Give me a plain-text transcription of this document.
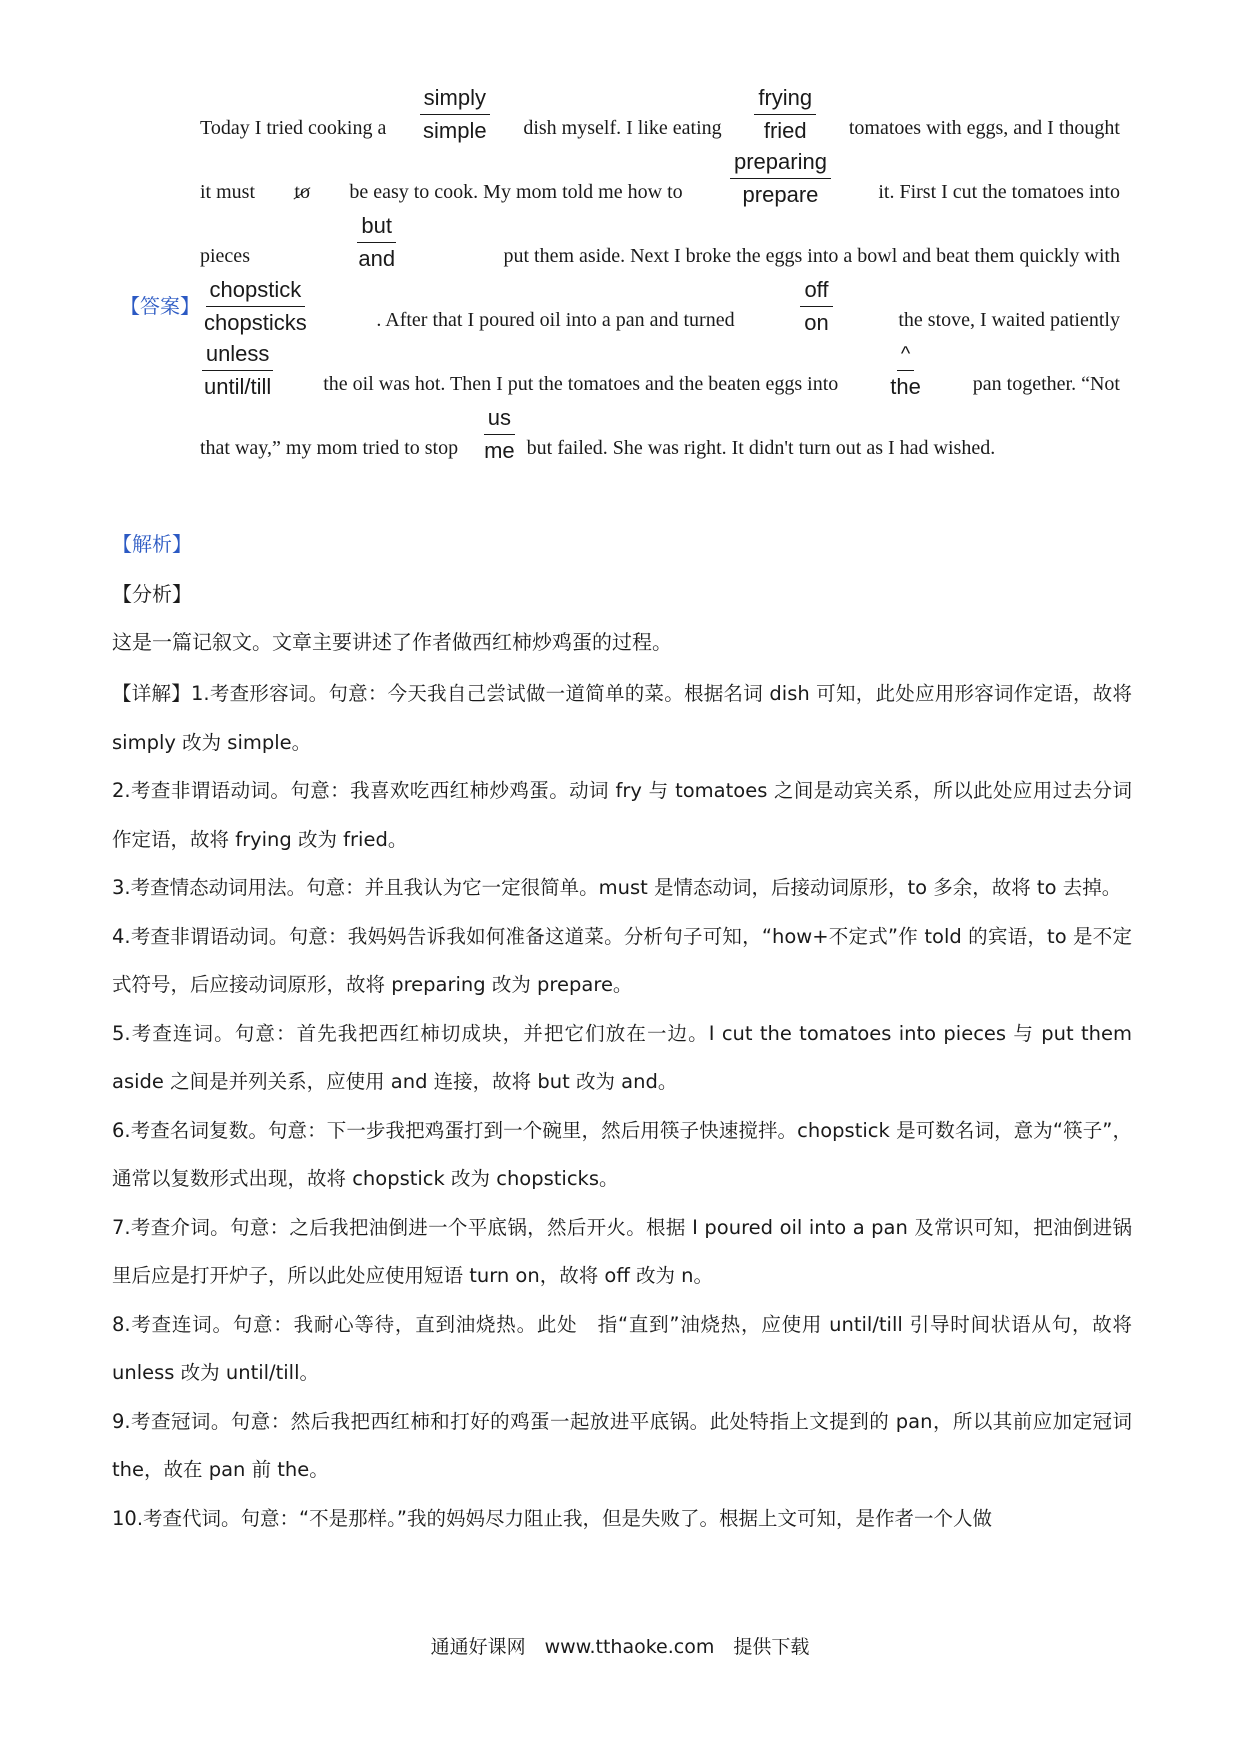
【答案】
Today I tried cooking a
simply
simple dish myself. I like eating
frying
fried tomatoes with eggs, and I thought
it must to be easy to cook. My mom told me how to
preparing
prepare	it. First I cut the tomatoes into
pieces
but
and	put them aside. Next I broke the eggs into a bowl and beat them quickly with
chopstick
chopsticks	. After that I poured oil into a pan and turned
off
on	the stove, I waited patiently
unless
until/till	the oil was hot. Then I put the tomatoes and the beaten eggs into
^
the	pan together. “Not
that way,” my mom tried to stop
us
me but failed. She was right. It didn't turn out as I had wished.
【解析】
【分析】
这是一篇记叙文。文章主要讲述了作者做西红柿炒鸡蛋的过程。

【详解】1.考查形容词。句意：今天我自己尝试做一道简单的菜。根据名词 dish 可知，此处应用形容词作定语，故将 simply 改为 simple。

2.考查非谓语动词。句意：我喜欢吃西红柿炒鸡蛋。动词 fry 与 tomatoes 之间是动宾关系，所以此处应用过去分词作定语，故将 frying 改为 fried。

3.考查情态动词用法。句意：并且我认为它一定很简单。must 是情态动词，后接动词原形，to 多余，故将 to 去掉。

4.考查非谓语动词。句意：我妈妈告诉我如何准备这道菜。分析句子可知，“how+不定式”作 told 的宾语，to 是不定式符号，后应接动词原形，故将 preparing 改为 prepare。

5.考查连词。句意：首先我把西红柿切成块，并把它们放在一边。I cut the tomatoes into pieces 与 put them aside 之间是并列关系，应使用 and 连接，故将 but 改为 and。

6.考查名词复数。句意：下一步我把鸡蛋打到一个碗里，然后用筷子快速搅拌。chopstick 是可数名词，意为“筷子”，通常以复数形式出现，故将 chopstick 改为 chopsticks。

7.考查介词。句意：之后我把油倒进一个平底锅，然后开火。根据 I poured oil into a pan 及常识可知，把油倒进锅里后应是打开炉子，所以此处应使用短语 turn on，故将 off 改为 n。

8.考查连词。句意：我耐心等待，直到油烧热。此处　指“直到”油烧热，应使用 until/till 引导时间状语从句，故将 unless 改为 until/till。

9.考查冠词。句意：然后我把西红柿和打好的鸡蛋一起放进平底锅。此处特指上文提到的 pan，所以其前应加定冠词 the，故在 pan 前 the。

10.考查代词。句意：“不是那样。”我的妈妈尽力阻止我，但是失败了。根据上文可知，是作者一个人做

通通好课网　www.tthaoke.com　提供下载
